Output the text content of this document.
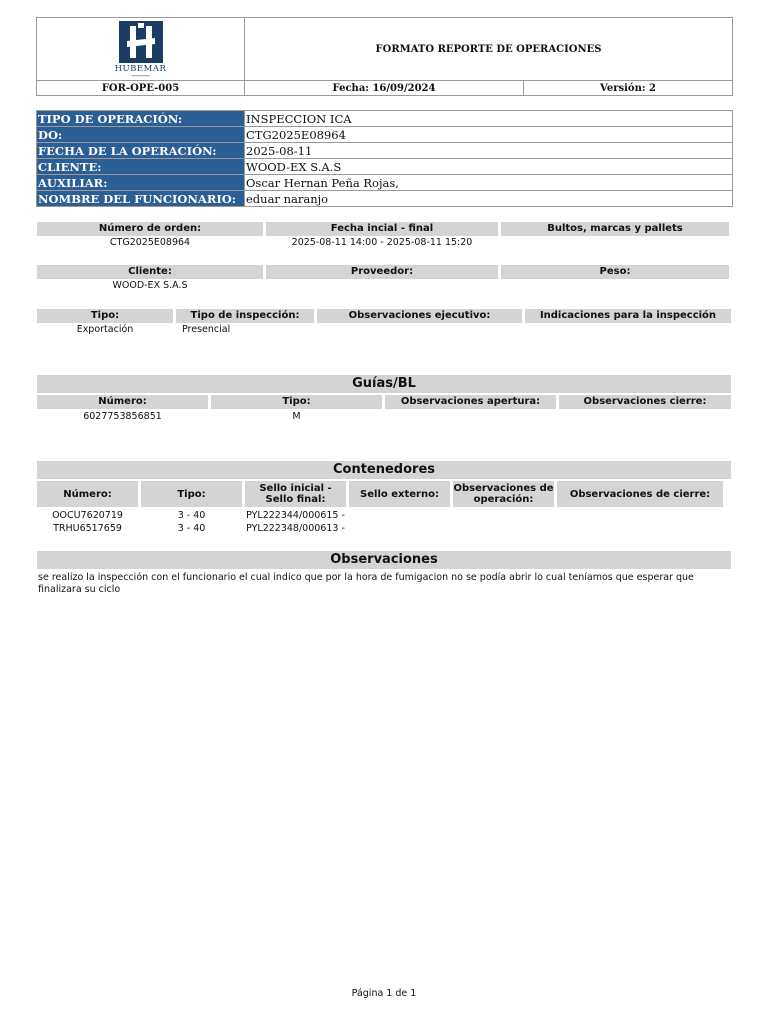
HUBEMAR
━━━━━━━━━━	FORMATO REPORTE DE OPERACIONES	
FOR-OPE-005	Fecha: 16/09/2024	Versión: 2
TIPO DE OPERACIÓN:	INSPECCION ICA
DO:	CTG2025E08964
FECHA DE LA OPERACIÓN:	2025-08-11
CLIENTE:	WOOD-EX S.A.S
AUXILIAR:	Oscar Hernan Peña Rojas,
NOMBRE DEL FUNCIONARIO:	eduar naranjo
Número de orden:	Fecha incial - final	Bultos, marcas y pallets
CTG2025E08964	2025-08-11 14:00 - 2025-08-11 15:20
Cliente:	Proveedor:	Peso:
WOOD-EX S.A.S
Tipo:	Tipo de inspección:	Observaciones ejecutivo:	Indicaciones para la inspección
Exportación	Presencial
Guías/BL
Número:	Tipo:	Observaciones apertura:	Observaciones cierre:
6027753856851	M
Contenedores
Número:	Tipo:	Sello inicial - Sello final:	Sello externo:	Observaciones de operación:	Observaciones de cierre:
OOCU7620719	3 - 40	PYL222344/000615 -
TRHU6517659	3 - 40	PYL222348/000613 -
Observaciones
se realizo la inspección con el funcionario el cual indico que por la hora de fumigacion no se podía abrir lo cual teníamos que esperar que finalizara su ciclo
Página 1 de 1
